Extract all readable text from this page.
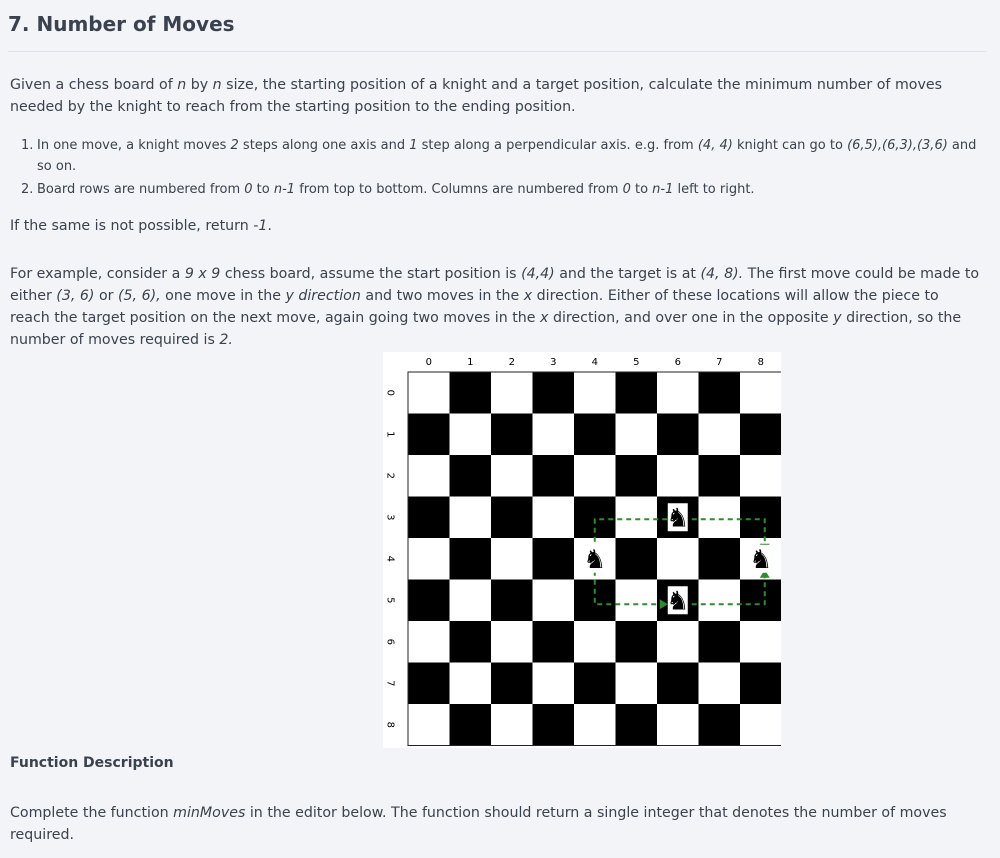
7. Number of Moves

Given a chess board of n by n size, the starting position of a knight and a target position, calculate the minimum number of moves needed by the knight to reach from the starting position to the ending position.

1. In one move, a knight moves 2 steps along one axis and 1 step along a perpendicular axis. e.g. from (4, 4) knight can go to (6,5),(6,3),(3,6) and
so on.

2. Board rows are numbered from 0 to n-1 from top to bottom. Columns are numbered from 0 to n-1 left to right.

If the same is not possible, return -1.

For example, consider a 9 x 9 chess board, assume the start position is (4,4) and the target is at (4, 8). The first move could be made to either (3, 6) or (5, 6), one move in the y direction and two moves in the x direction. Either of these locations will allow the piece to reach the target position on the next move, again going two moves in the x direction, and over one in the opposite y direction, so the number of moves required is 2.

0	1	2	3	4	5	6	7	8
0
1
2
3
4
5
6
7
8
♞
♞
♞
♞

Function Description

Complete the function minMoves in the editor below. The function should return a single integer that denotes the number of moves required.
